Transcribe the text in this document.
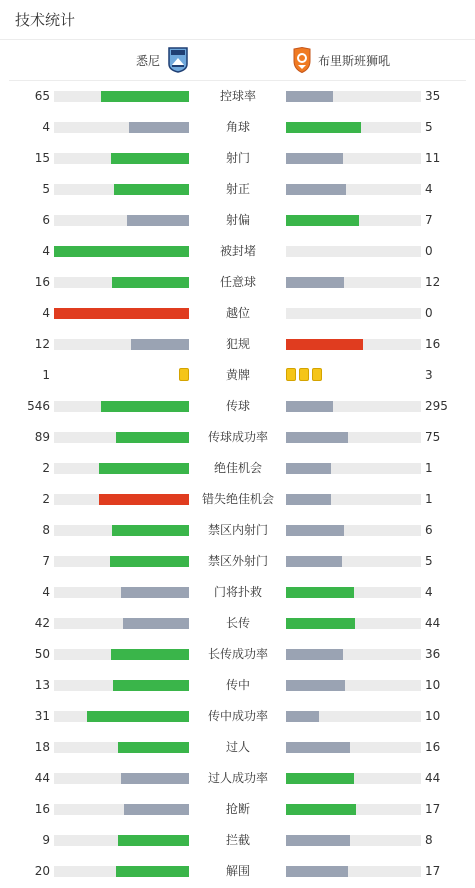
技术统计
悉尼	布里斯班狮吼
65	控球率	35
4	角球	5
15	射门	11
5	射正	4
6	射偏	7
4	被封堵	0
16	任意球	12
4	越位	0
12	犯规	16
1	黄牌	3
546	传球	295
89	传球成功率	75
2	绝佳机会	1
2	错失绝佳机会	1
8	禁区内射门	6
7	禁区外射门	5
4	门将扑救	4
42	长传	44
50	长传成功率	36
13	传中	10
31	传中成功率	10
18	过人	16
44	过人成功率	44
16	抢断	17
9	拦截	8
20	解围	17
